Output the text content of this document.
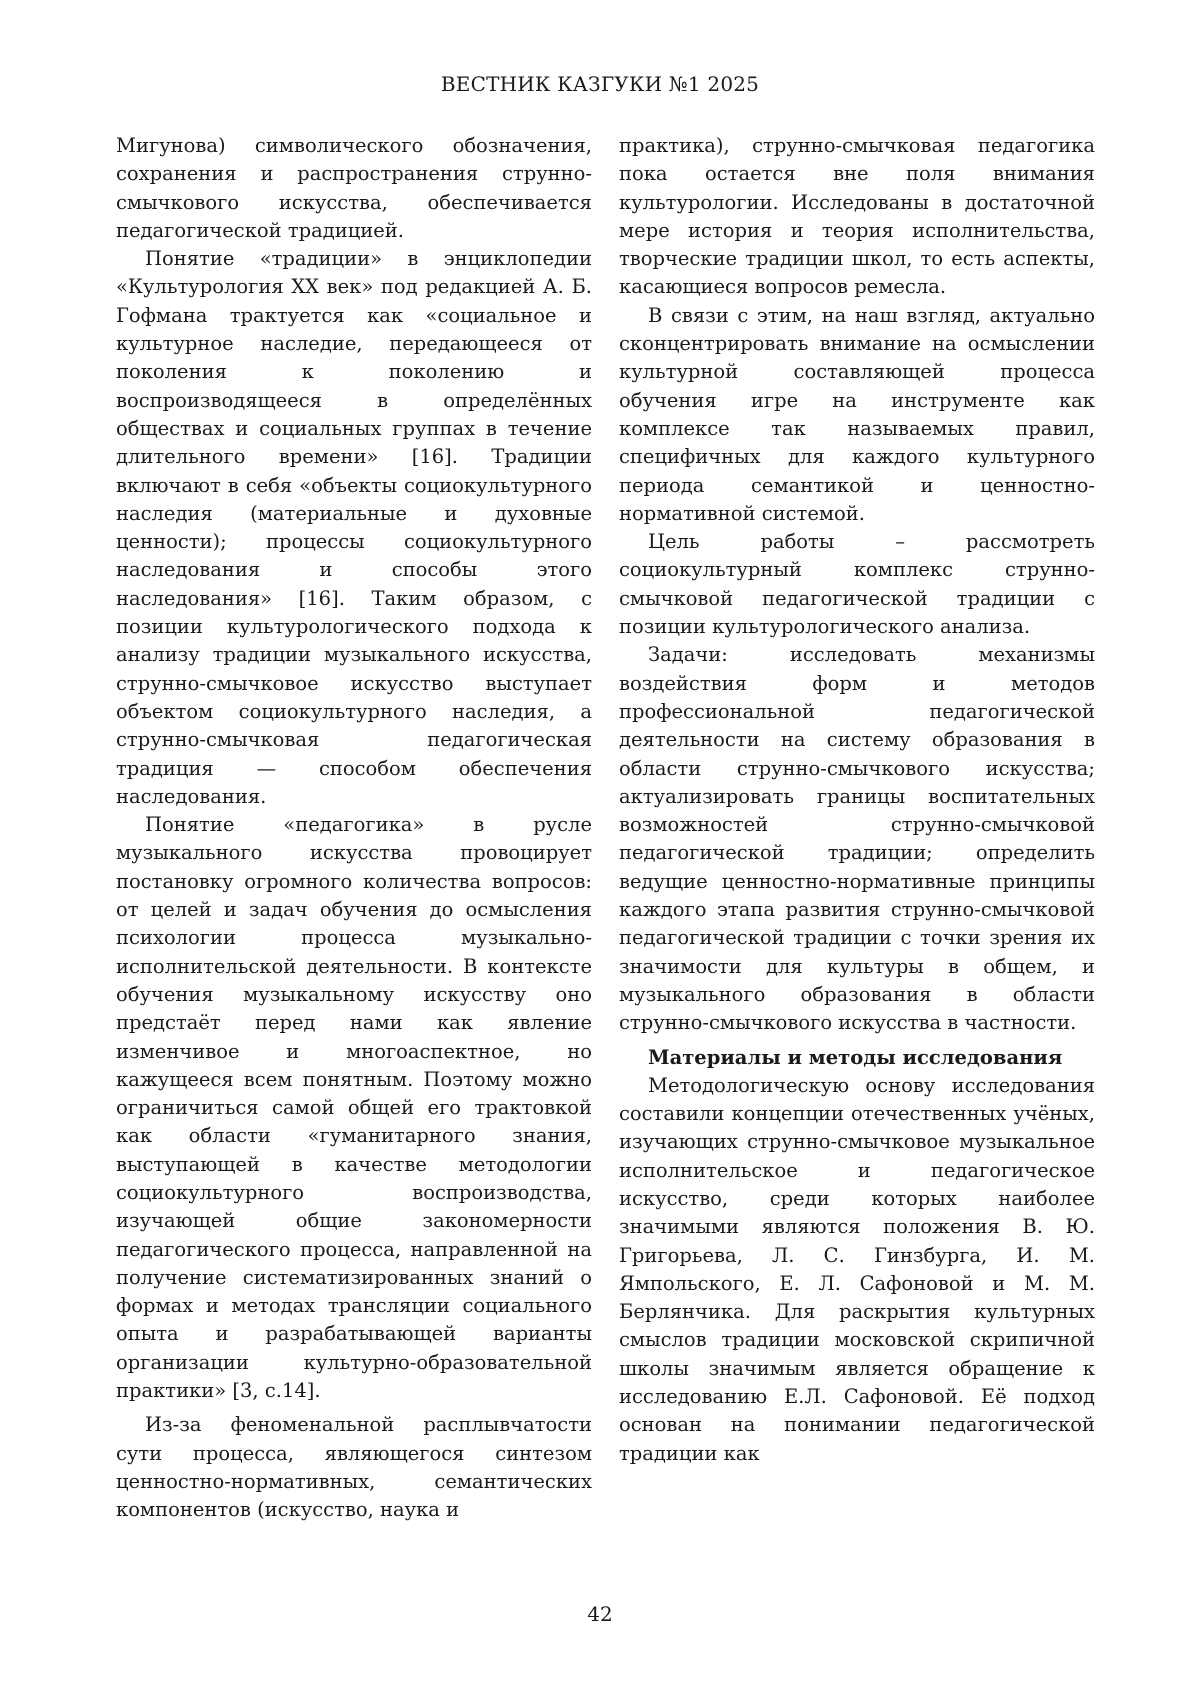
ВЕСТНИК КАЗГУКИ №1 2025

Мигунова) символического обозначения, сохранения и распространения струнно-смычкового искусства, обеспечивается педагогической традицией.

Понятие «традиции» в энциклопедии «Культурология XX век» под редакцией А. Б. Гофмана трактуется как «социальное и культурное наследие, передающееся от поколения к поколению и воспроизводящееся в определённых обществах и социальных группах в течение длительного времени» [16]. Традиции включают в себя «объекты социокультурного наследия (материальные и духовные ценности); процессы социокультурного наследования и способы этого наследования» [16]. Таким образом, с позиции культурологического подхода к анализу традиции музыкального искусства, струнно-смычковое искусство выступает объектом социокультурного наследия, а струнно-смычковая педагогическая традиция — способом обеспечения наследования.

Понятие «педагогика» в русле музыкального искусства провоцирует постановку огромного количества вопросов: от целей и задач обучения до осмысления психологии процесса музыкально-исполнительской деятельности. В контексте обучения музыкальному искусству оно предстаёт перед нами как явление изменчивое и многоаспектное, но кажущееся всем понятным. Поэтому можно ограничиться самой общей его трактовкой как области «гуманитарного знания, выступающей в качестве методологии социокультурного воспроизводства, изучающей общие закономерности педагогического процесса, направленной на получение систематизированных знаний о формах и методах трансляции социального опыта и разрабатывающей варианты организации культурно-образовательной практики» [3, с.14].

Из-за феноменальной расплывчатости сути процесса, являющегося синтезом ценностно-нормативных, семантических компонентов (искусство, наука и

практика), струнно-смычковая педагогика пока остается вне поля внимания культурологии. Исследованы в достаточной мере история и теория исполнительства, творческие традиции школ, то есть аспекты, касающиеся вопросов ремесла.

В связи с этим, на наш взгляд, актуально сконцентрировать внимание на осмыслении культурной составляющей процесса обучения игре на инструменте как комплексе так называемых правил, специфичных для каждого культурного периода семантикой и ценностно-нормативной системой.

Цель работы – рассмотреть социокультурный комплекс струнно-смычковой педагогической традиции с позиции культурологического анализа.

Задачи: исследовать механизмы воздействия форм и методов профессиональной педагогической деятельности на систему образования в области струнно-смычкового искусства; актуализировать границы воспитательных возможностей струнно-смычковой педагогической традиции; определить ведущие ценностно-нормативные принципы каждого этапа развития струнно-смычковой педагогической традиции с точки зрения их значимости для культуры в общем, и музыкального образования в области струнно-смычкового искусства в частности.

Материалы и методы исследования

Методологическую основу исследования составили концепции отечественных учёных, изучающих струнно-смычковое музыкальное исполнительское и педагогическое искусство, среди которых наиболее значимыми являются положения В. Ю. Григорьева, Л. С. Гинзбурга, И. М. Ямпольского, Е. Л. Сафоновой и М. М. Берлянчика. Для раскрытия культурных смыслов традиции московской скрипичной школы значимым является обращение к исследованию Е.Л. Сафоновой. Её подход основан на понимании педагогической традиции как

42
